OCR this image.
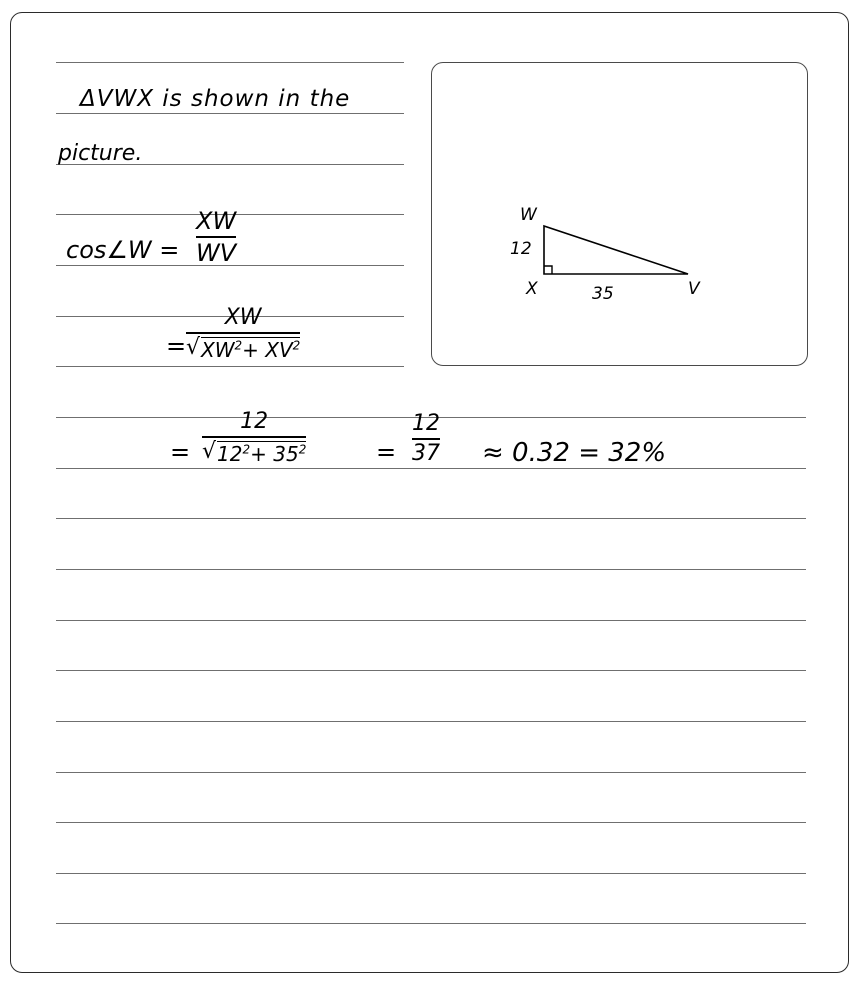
ΔVWX is shown in the
picture.
cos∠W =
XW
WV
=
XW
√ $XW^2+ XV^2$
=
12
√ $12^2+ 35^2$	=
12
37 ≈ 0.32 = 32%
W
X	V
12
35
